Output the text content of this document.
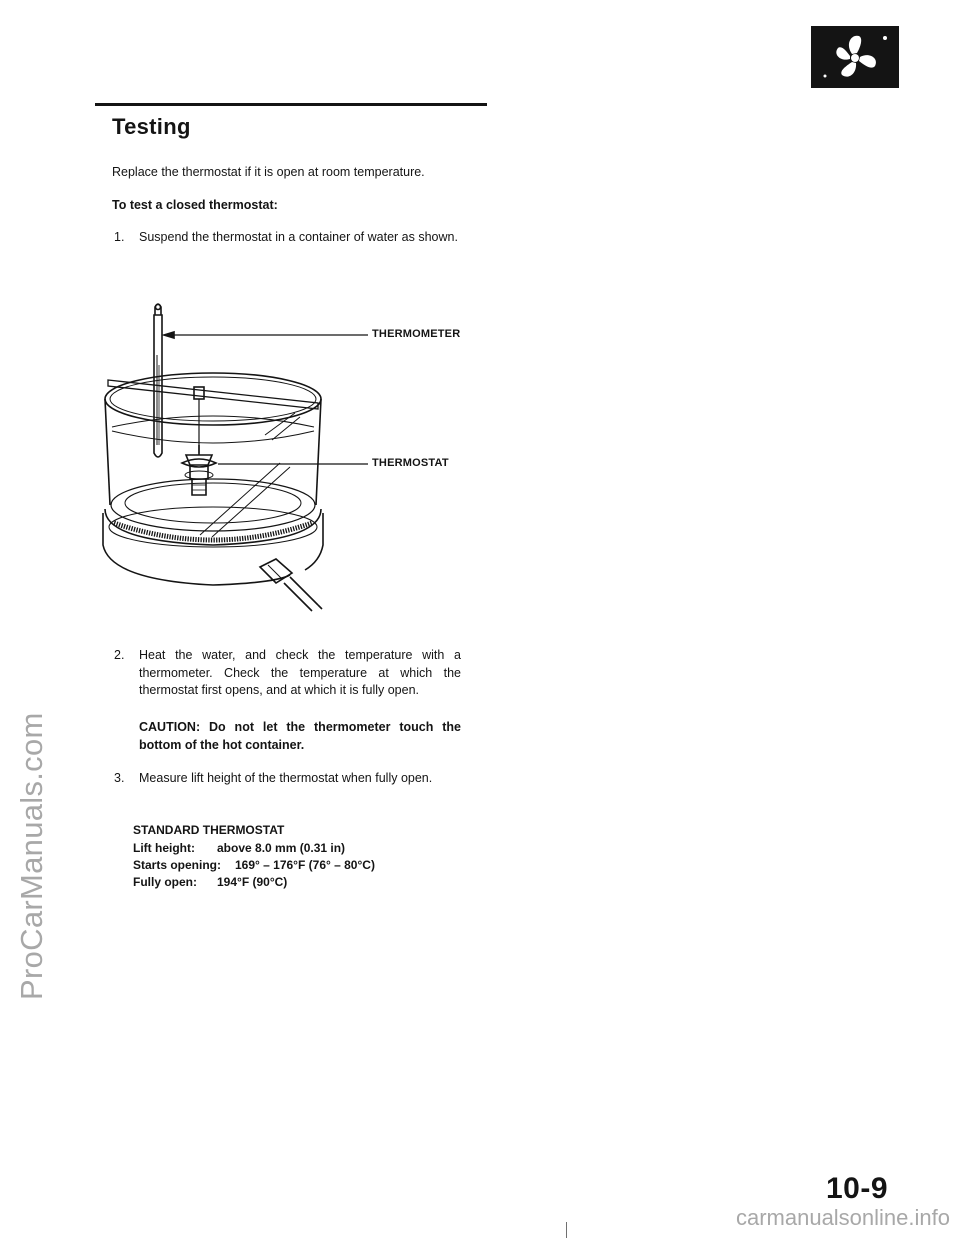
ProCarManuals.com
carmanualsonline.info
Testing
Replace the thermostat if it is open at room temperature.
To test a closed thermostat:
1. Suspend the thermostat in a container of water as shown.
THERMOMETER
THERMOSTAT
2. Heat the water, and check the temperature with a thermometer. Check the temperature at which the thermostat first opens, and at which it is fully open.
CAUTION: Do not let the thermometer touch the bottom of the hot container.
3. Measure lift height of the thermostat when fully open.
STANDARD THERMOSTAT
Lift height: above 8.0 mm (0.31 in)
Starts opening: 169° – 176°F (76° – 80°C)
Fully open: 194°F (90°C)
10-9
